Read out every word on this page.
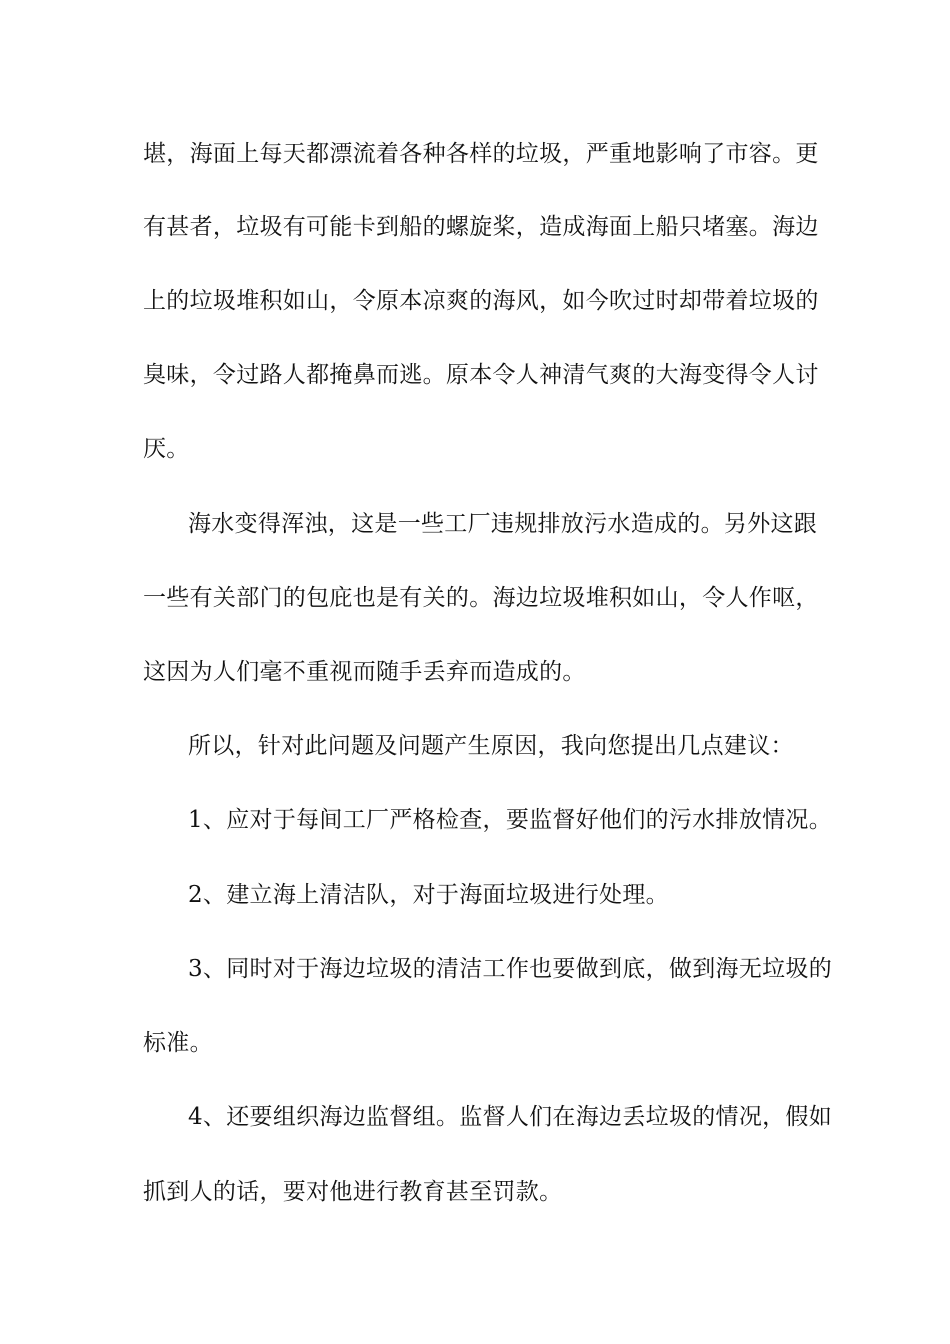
堪，海面上每天都漂流着各种各样的垃圾，严重地影响了市容。更
有甚者，垃圾有可能卡到船的螺旋桨，造成海面上船只堵塞。海边
上的垃圾堆积如山，令原本凉爽的海风，如今吹过时却带着垃圾的
臭味，令过路人都掩鼻而逃。原本令人神清气爽的大海变得令人讨
厌。
海水变得浑浊，这是一些工厂违规排放污水造成的。另外这跟
一些有关部门的包庇也是有关的。海边垃圾堆积如山，令人作呕，
这因为人们毫不重视而随手丢弃而造成的。
所以，针对此问题及问题产生原因，我向您提出几点建议：
1、应对于每间工厂严格检查，要监督好他们的污水排放情况。
2、建立海上清洁队，对于海面垃圾进行处理。
3、同时对于海边垃圾的清洁工作也要做到底，做到海无垃圾的
标准。
4、还要组织海边监督组。监督人们在海边丢垃圾的情况，假如
抓到人的话，要对他进行教育甚至罚款。
